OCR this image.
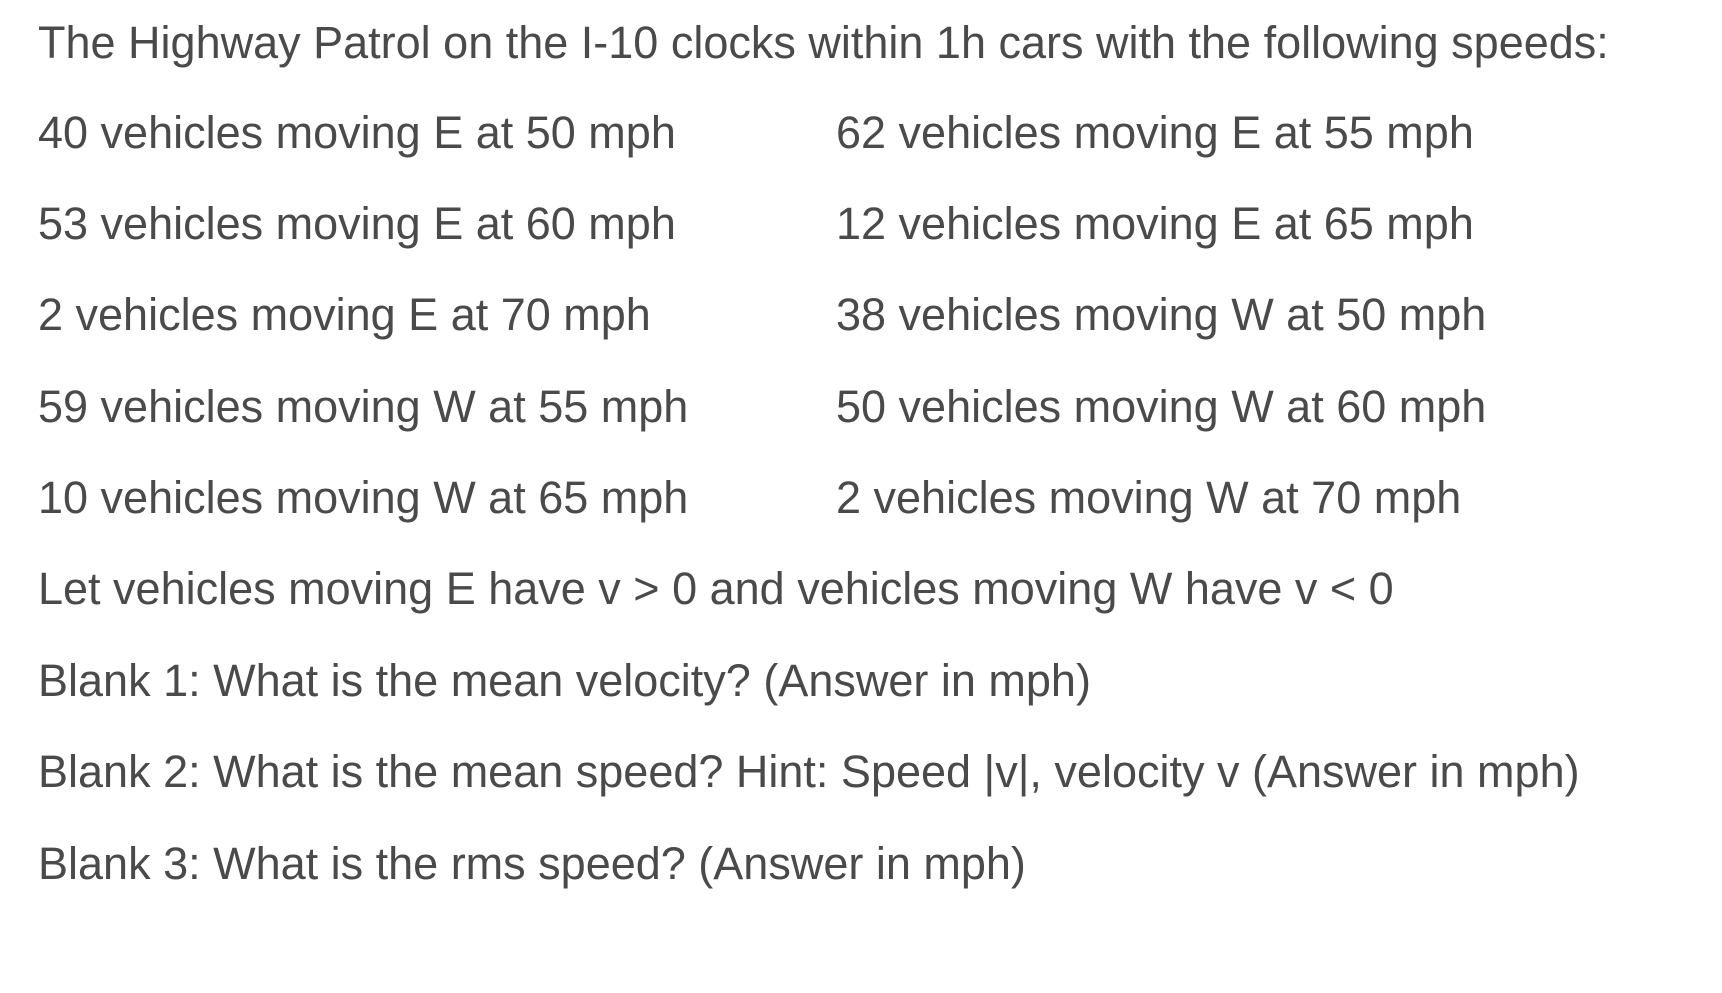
The Highway Patrol on the I-10 clocks within 1h cars with the following speeds:
40 vehicles moving E at 50 mph	62 vehicles moving E at 55 mph
53 vehicles moving E at 60 mph	12 vehicles moving E at 65 mph
2 vehicles moving E at 70 mph	38 vehicles moving W at 50 mph
59 vehicles moving W at 55 mph	50 vehicles moving W at 60 mph
10 vehicles moving W at 65 mph	2 vehicles moving W at 70 mph
Let vehicles moving E have v > 0 and vehicles moving W have v < 0
Blank 1: What is the mean velocity? (Answer in mph)
Blank 2: What is the mean speed? Hint: Speed |v|, velocity v (Answer in mph)
Blank 3: What is the rms speed? (Answer in mph)
